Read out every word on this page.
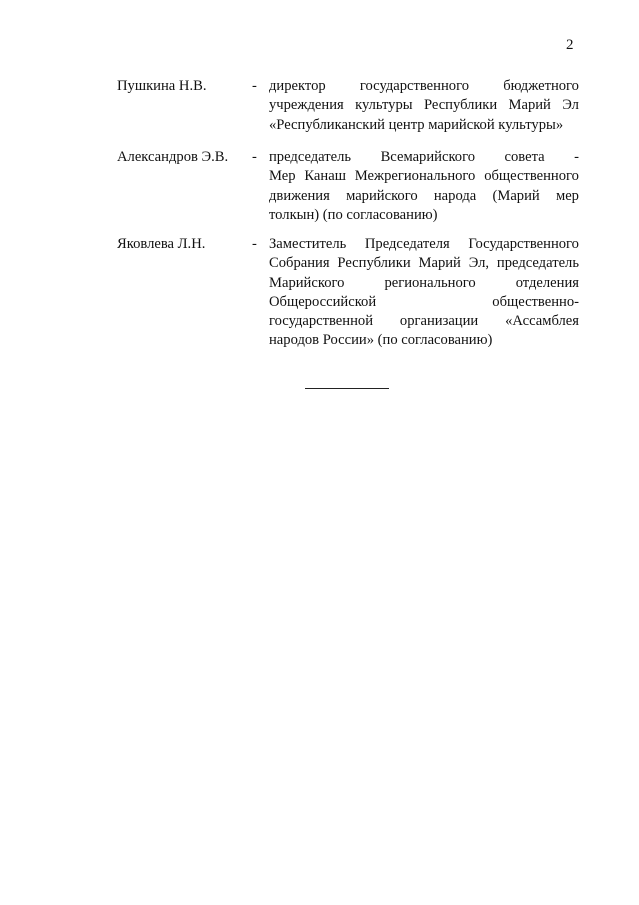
2
Пушкина Н.В.	- директор государственного бюджетного
учреждения культуры Республики Марий Эл
«Республиканский центр марийской культуры»
Александров Э.В. - председатель Всемарийского совета -
Мер Канаш Межрегионального общественного
движения марийского народа (Марий мер
толкын) (по согласованию)
Яковлева Л.Н.	- Заместитель Председателя Государственного
Собрания Республики Марий Эл, председатель
Марийского	регионального	отделения
Общероссийской	общественно-
государственной организации «Ассамблея
народов России» (по согласованию)
